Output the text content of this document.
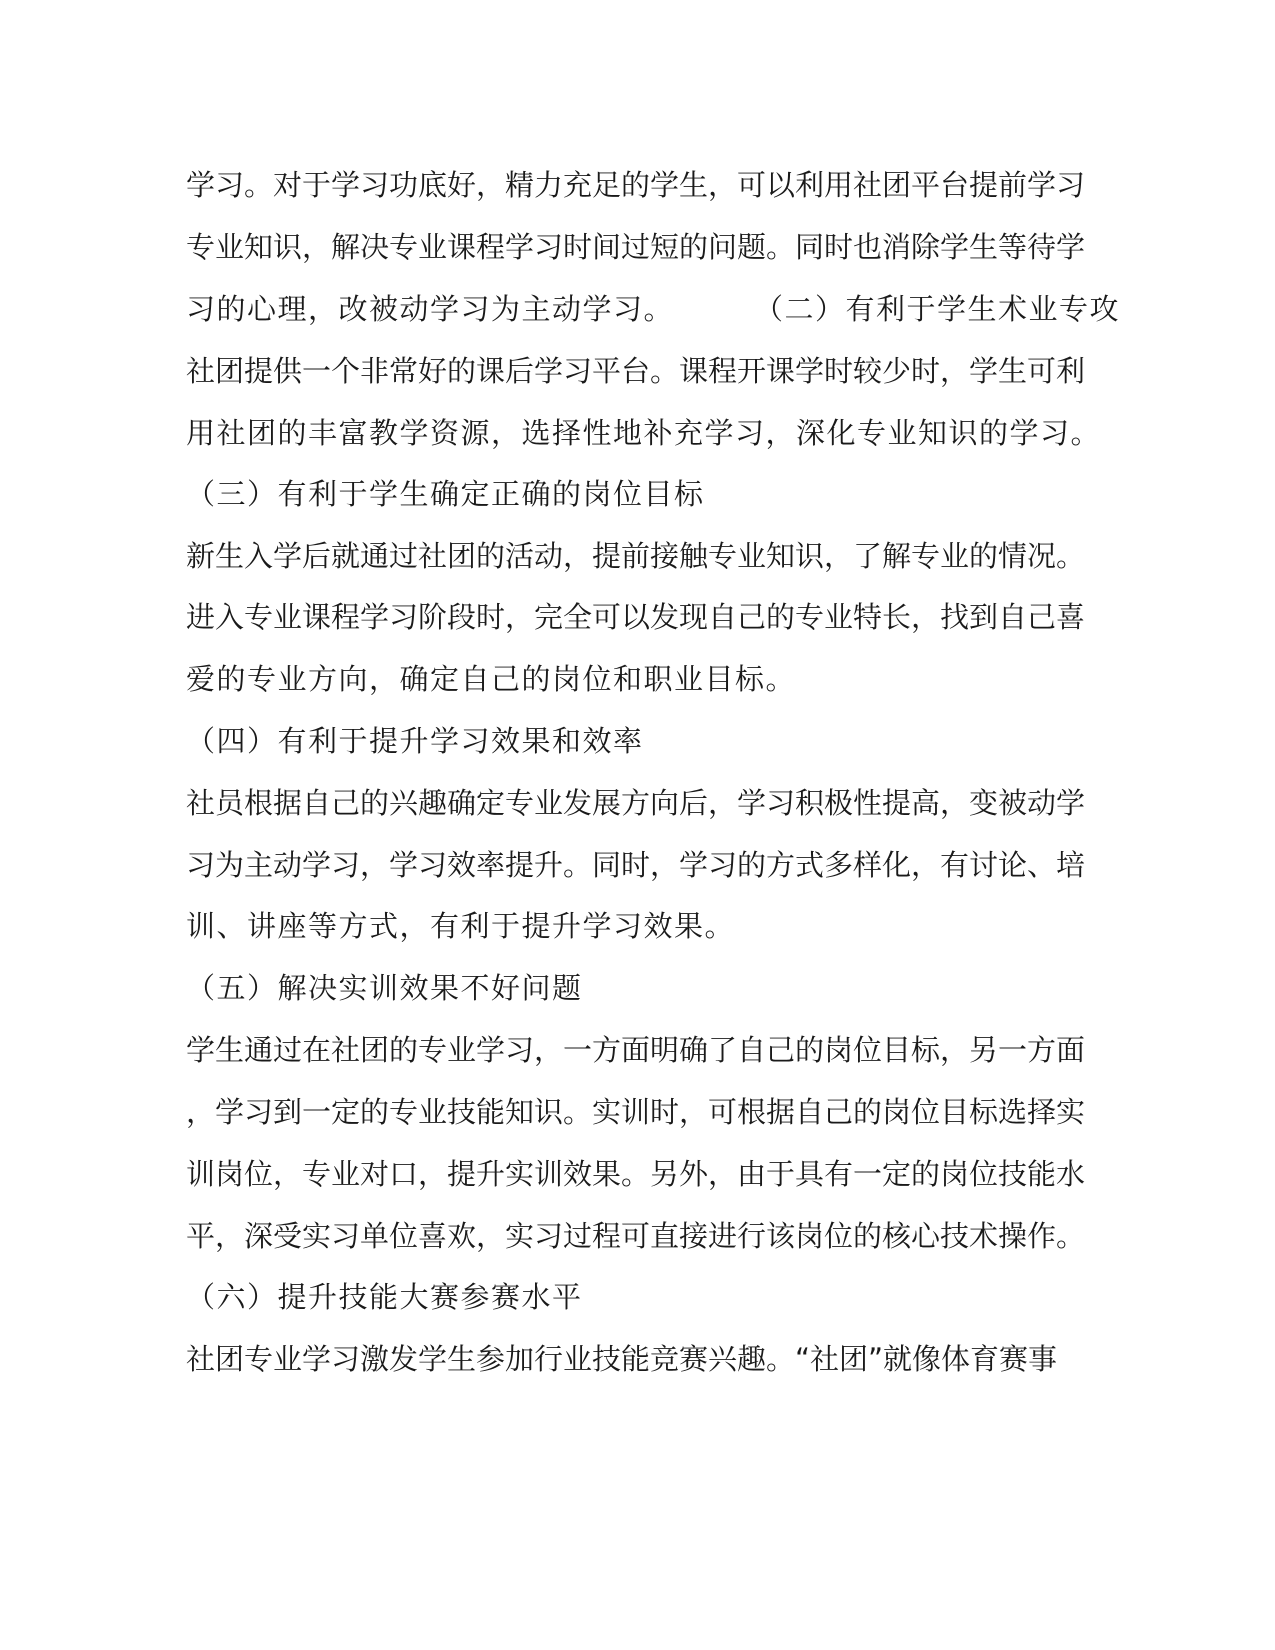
学习。对于学习功底好，精力充足的学生，可以利用社团平台提前学习
专业知识，解决专业课程学习时间过短的问题。同时也消除学生等待学
习的心理，改被动学习为主动学习。	（二）有利于学生术业专攻
社团提供一个非常好的课后学习平台。课程开课学时较少时，学生可利
用社团的丰富教学资源，选择性地补充学习，深化专业知识的学习。
（三）有利于学生确定正确的岗位目标
新生入学后就通过社团的活动，提前接触专业知识，了解专业的情况。
进入专业课程学习阶段时，完全可以发现自己的专业特长，找到自己喜
爱的专业方向，确定自己的岗位和职业目标。
（四）有利于提升学习效果和效率
社员根据自己的兴趣确定专业发展方向后，学习积极性提高，变被动学
习为主动学习，学习效率提升。同时，学习的方式多样化，有讨论、培
训、讲座等方式，有利于提升学习效果。
（五）解决实训效果不好问题
学生通过在社团的专业学习，一方面明确了自己的岗位目标，另一方面
，学习到一定的专业技能知识。实训时，可根据自己的岗位目标选择实
训岗位，专业对口，提升实训效果。另外，由于具有一定的岗位技能水
平，深受实习单位喜欢，实习过程可直接进行该岗位的核心技术操作。
（六）提升技能大赛参赛水平
社团专业学习激发学生参加行业技能竞赛兴趣。“社团”就像体育赛事
